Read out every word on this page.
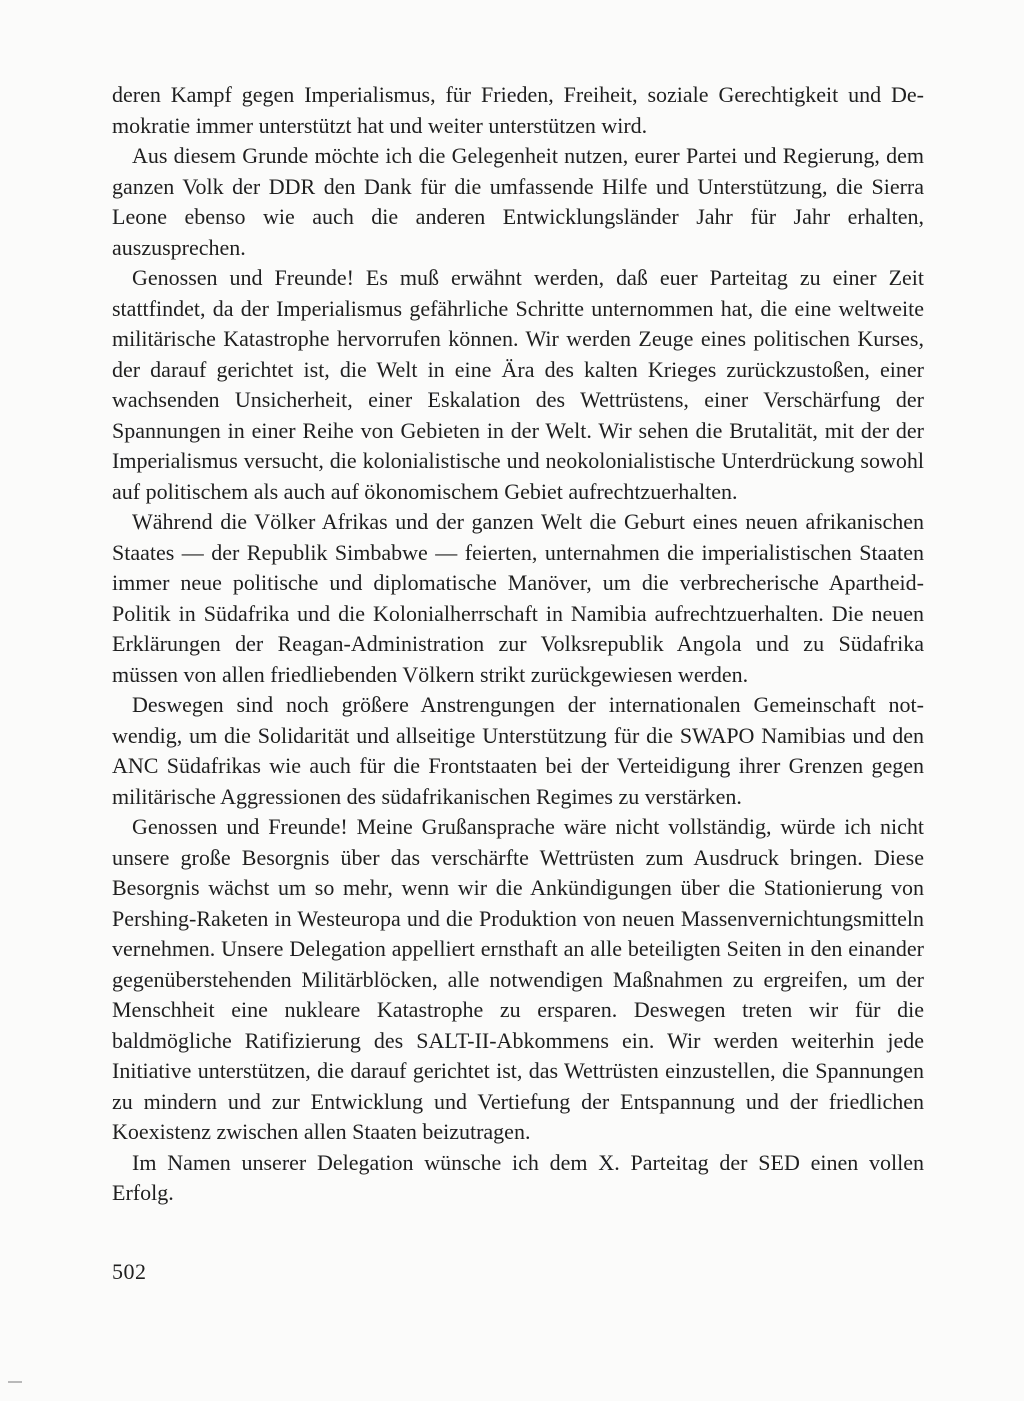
deren Kampf gegen Imperialismus, für Frieden, Freiheit, soziale Gerechtigkeit und Demokratie immer unterstützt hat und weiter unterstützen wird.

Aus diesem Grunde möchte ich die Gelegenheit nutzen, eurer Partei und Regierung, dem ganzen Volk der DDR den Dank für die umfassende Hilfe und Unterstützung, die Sierra Leone ebenso wie auch die anderen Entwicklungsländer Jahr für Jahr erhalten, auszusprechen.

Genossen und Freunde! Es muß erwähnt werden, daß euer Parteitag zu einer Zeit stattfindet, da der Imperialismus gefährliche Schritte unternommen hat, die eine weltweite militärische Katastrophe hervorrufen können. Wir werden Zeuge eines politischen Kurses, der darauf gerichtet ist, die Welt in eine Ära des kalten Krieges zurückzustoßen, einer wachsenden Unsicherheit, einer Eskalation des Wettrüstens, einer Verschärfung der Spannungen in einer Reihe von Gebieten in der Welt. Wir sehen die Brutalität, mit der der Imperialismus versucht, die kolonialistische und neokolonialistische Unterdrückung sowohl auf politischem als auch auf ökonomischem Gebiet aufrechtzuerhalten.

Während die Völker Afrikas und der ganzen Welt die Geburt eines neuen afrikanischen Staates — der Republik Simbabwe — feierten, unternahmen die imperialistischen Staaten immer neue politische und diplomatische Manöver, um die verbrecherische Apartheid-Politik in Südafrika und die Kolonialherrschaft in Namibia aufrechtzuerhalten. Die neuen Erklärungen der Reagan-Administration zur Volksrepublik Angola und zu Südafrika müssen von allen friedliebenden Völkern strikt zurückgewiesen werden.

Deswegen sind noch größere Anstrengungen der internationalen Gemeinschaft notwendig, um die Solidarität und allseitige Unterstützung für die SWAPO Namibias und den ANC Südafrikas wie auch für die Frontstaaten bei der Verteidigung ihrer Grenzen gegen militärische Aggressionen des südafrikanischen Regimes zu verstärken.

Genossen und Freunde! Meine Grußansprache wäre nicht vollständig, würde ich nicht unsere große Besorgnis über das verschärfte Wettrüsten zum Ausdruck bringen. Diese Besorgnis wächst um so mehr, wenn wir die Ankündigungen über die Stationierung von Pershing-Raketen in Westeuropa und die Produktion von neuen Massenvernichtungsmitteln vernehmen. Unsere Delegation appelliert ernsthaft an alle beteiligten Seiten in den einander gegenüberstehenden Militärblöcken, alle notwendigen Maßnahmen zu ergreifen, um der Menschheit eine nukleare Katastrophe zu ersparen. Deswegen treten wir für die baldmögliche Ratifizierung des SALT-II-Abkommens ein. Wir werden weiterhin jede Initiative unterstützen, die darauf gerichtet ist, das Wettrüsten einzustellen, die Spannungen zu mindern und zur Entwicklung und Vertiefung der Entspannung und der friedlichen Koexistenz zwischen allen Staaten beizutragen.

Im Namen unserer Delegation wünsche ich dem X. Parteitag der SED einen vollen Erfolg.

502
